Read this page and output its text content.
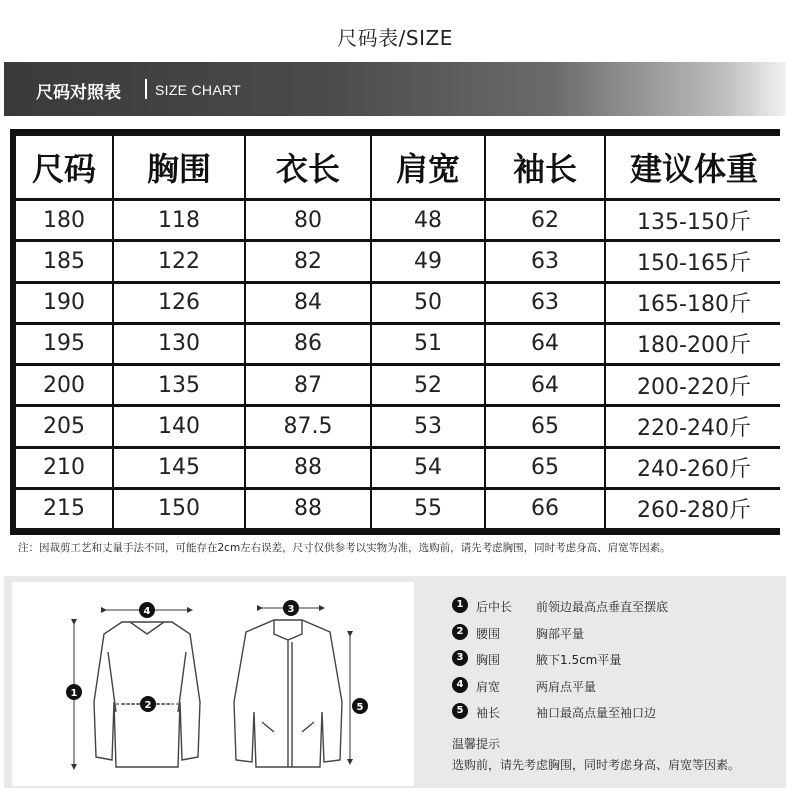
尺码表/SIZE
尺码对照表 SIZE CHART
尺码	胸围	衣长	肩宽	袖长	建议体重
180	118	80	48	62	135-150斤
185	122	82	49	63	150-165斤
190	126	84	50	63	165-180斤
195	130	86	51	64	180-200斤
200	135	87	52	64	200-220斤
205	140	87.5	53	65	220-240斤
210	145	88	54	65	240-260斤
215	150	88	55	66	260-280斤
注：因裁剪工艺和丈量手法不同，可能存在2cm左右误差，尺寸仅供参考以实物为准，选购前，请先考虑胸围，同时考虑身高、肩宽等因素。
1
2
3
4
5
1	后中长 前领边最高点垂直至摆底
2	腰围	胸部平量
3	胸围	腋下1.5cm平量
4	肩宽	两肩点平量
5	袖长	袖口最高点量至袖口边
温馨提示
选购前，请先考虑胸围，同时考虑身高、肩宽等因素。
